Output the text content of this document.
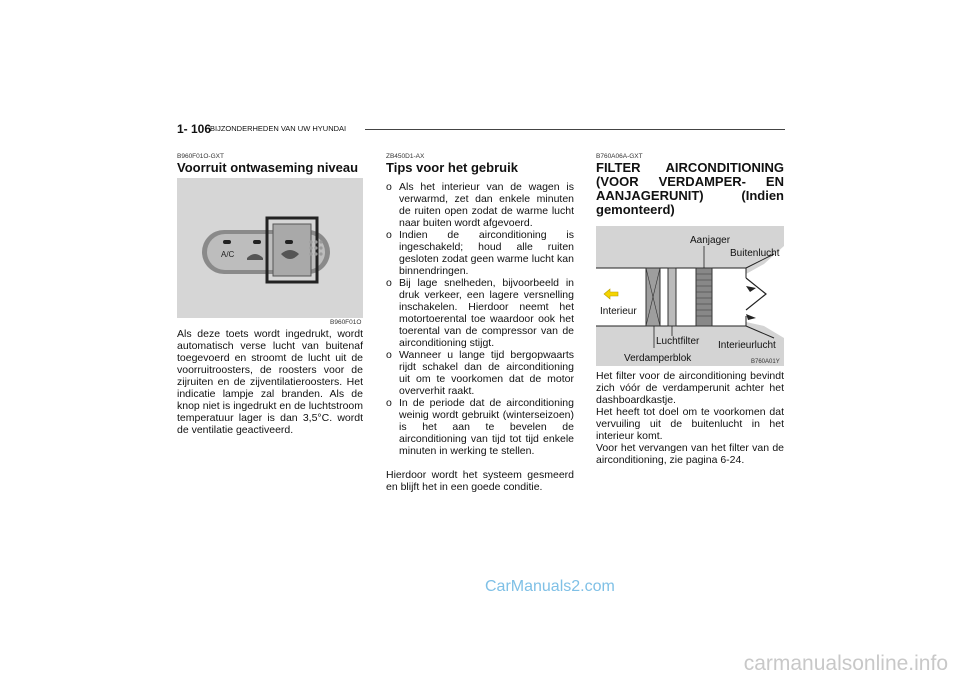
1- 106
BIJZONDERHEDEN VAN UW HYUNDAI
B960F01O-GXT
Voorruit ontwaseming niveau
A/C
B960F01O
Als deze toets wordt ingedrukt, wordt automatisch verse lucht van buitenaf toegevoerd en stroomt de lucht uit de voorruitroosters, de roosters voor de zijruiten en de zijventilatieroosters. Het indicatie lampje zal branden. Als de knop niet is ingedrukt en de luchtstroom temperatuur lager is dan 3,5°C. wordt de ventilatie geactiveerd.
ZB450D1-AX
Tips voor het gebruik
o Als het interieur van de wagen is verwarmd, zet dan enkele minuten de ruiten open zodat de warme lucht naar buiten wordt afgevoerd.
o Indien de airconditioning is ingeschakeld; houd alle ruiten gesloten zodat geen warme lucht kan binnendringen.
o Bij lage snelheden, bijvoorbeeld in druk verkeer, een lagere versnelling inschakelen. Hierdoor neemt het motortoerental toe waardoor ook het toerental van de compressor van de airconditioning stijgt.
o Wanneer u lange tijd bergopwaarts rijdt schakel dan de airconditioning uit om te voorkomen dat de motor oververhit raakt.
o In de periode dat de airconditioning weinig wordt gebruikt (winterseizoen) is het aan te bevelen de airconditioning van tijd tot tijd enkele minuten in werking te stellen.

Hierdoor wordt het systeem gesmeerd en blijft het in een goede conditie.

B760A06A-GXT
FILTER AIRCONDITIONING (VOOR VERDAMPER- EN AANJAGERUNIT) (Indien gemonteerd)
Aanjager
Buitenlucht
Interieur
Luchtfilter Interieurlucht
Verdamperblok	B760A01Y

Het filter voor de airconditioning bevindt zich vóór de verdamperunit achter het dashboardkastje.

Het heeft tot doel om te voorkomen dat vervuiling uit de buitenlucht in het interieur komt.

Voor het vervangen van het filter van de airconditioning, zie pagina 6-24.

CarManuals2.com
carmanualsonline.info
